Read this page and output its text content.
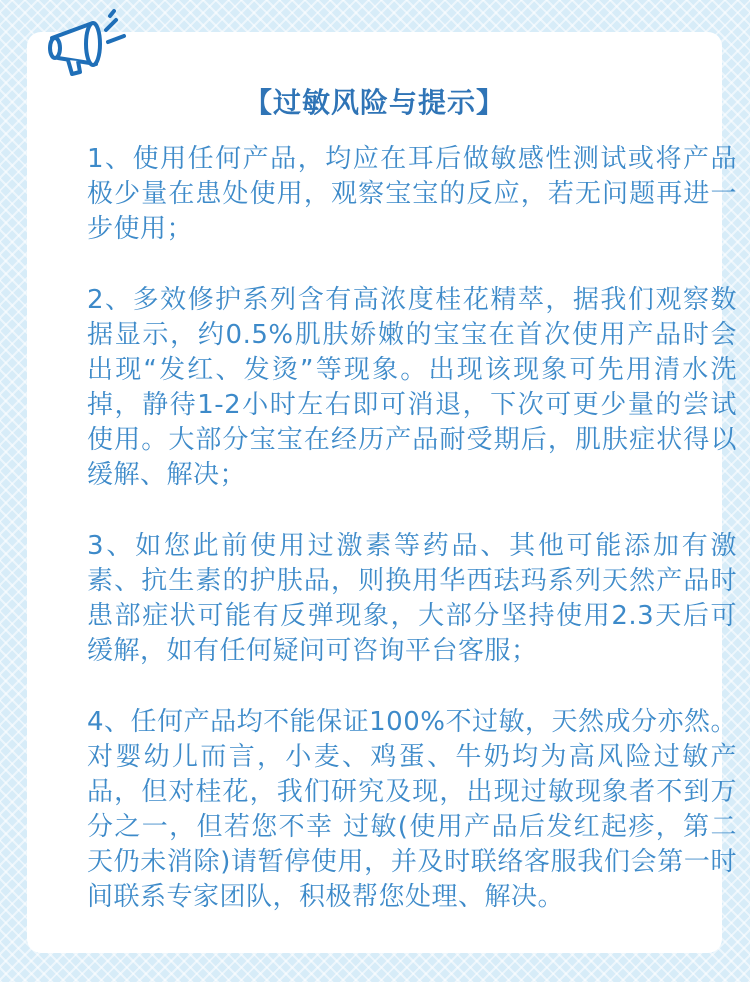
【过敏风险与提示】

1、使用任何产品，均应在耳后做敏感性测试或将产品极少量在患处使用，观察宝宝的反应，若无问题再进一步使用；

2、多效修护系列含有高浓度桂花精萃，据我们观察数据显示，约0.5%肌肤娇嫩的宝宝在首次使用产品时会出现“发红、发烫”等现象。出现该现象可先用清水洗掉，静待1-2小时左右即可消退，下次可更少量的尝试使用。大部分宝宝在经历产品耐受期后，肌肤症状得以缓解、解决；

3、如您此前使用过激素等药品、其他可能添加有激素、抗生素的护肤品，则换用华西珐玛系列天然产品时患部症状可能有反弹现象，大部分坚持使用2.3天后可缓解，如有任何疑问可咨询平台客服；

4、任何产品均不能保证100%不过敏，天然成分亦然。对婴幼儿而言，小麦、鸡蛋、牛奶均为高风险过敏产品，但对桂花，我们研究及现，出现过敏现象者不到万分之一，但若您不幸 过敏(使用产品后发红起疹，第二天仍未消除)请暂停使用，并及时联络客服我们会第一时间联系专家团队，积极帮您处理、解决。
